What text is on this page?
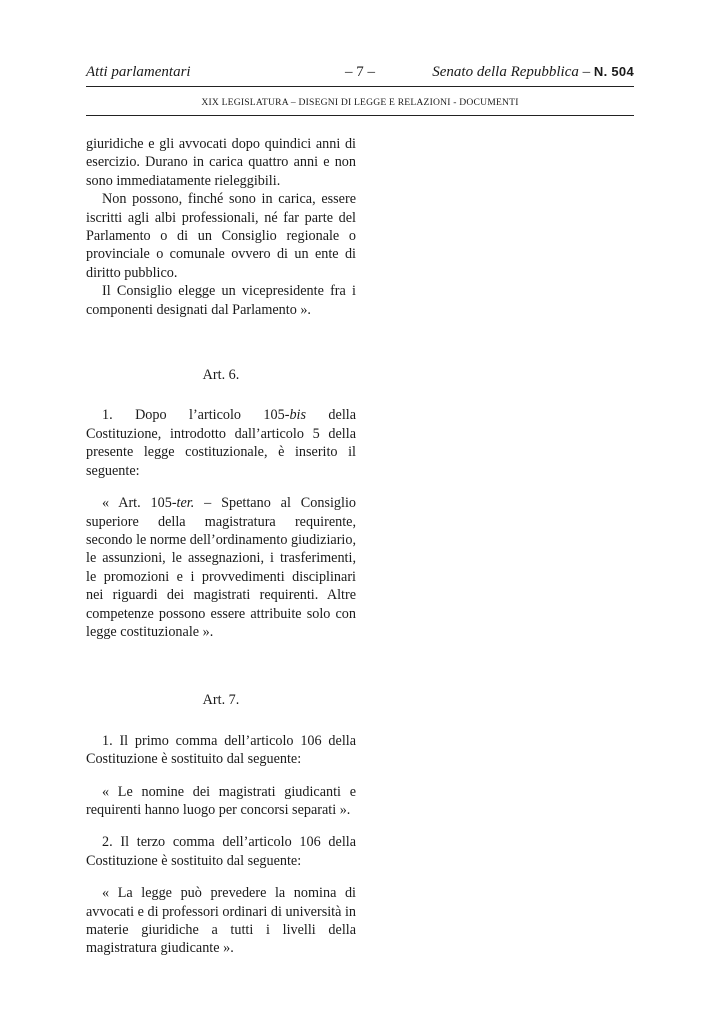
Atti parlamentari	– 7 –	Senato della Repubblica – N. 504
XIX LEGISLATURA – DISEGNI DI LEGGE E RELAZIONI - DOCUMENTI

giuridiche e gli avvocati dopo quindici anni di esercizio. Durano in carica quattro anni e non sono immediatamente rieleggibili.

Non possono, finché sono in carica, essere iscritti agli albi professionali, né far parte del Parlamento o di un Consiglio regionale o provinciale o comunale ovvero di un ente di diritto pubblico.

Il Consiglio elegge un vicepresidente fra i componenti designati dal Parlamento ».

Art. 6.

1. Dopo l’articolo 105-bis della Costituzione, introdotto dall’articolo 5 della presente legge costituzionale, è inserito il seguente:

« Art. 105-ter. – Spettano al Consiglio superiore della magistratura requirente, secondo le norme dell’ordinamento giudiziario, le assunzioni, le assegnazioni, i trasferimenti, le promozioni e i provvedimenti disciplinari nei riguardi dei magistrati requirenti. Altre competenze possono essere attribuite solo con legge costituzionale ».

Art. 7.

1. Il primo comma dell’articolo 106 della Costituzione è sostituito dal seguente:

« Le nomine dei magistrati giudicanti e requirenti hanno luogo per concorsi separati ».

2. Il terzo comma dell’articolo 106 della Costituzione è sostituito dal seguente:

« La legge può prevedere la nomina di avvocati e di professori ordinari di università in materie giuridiche a tutti i livelli della magistratura giudicante ».
